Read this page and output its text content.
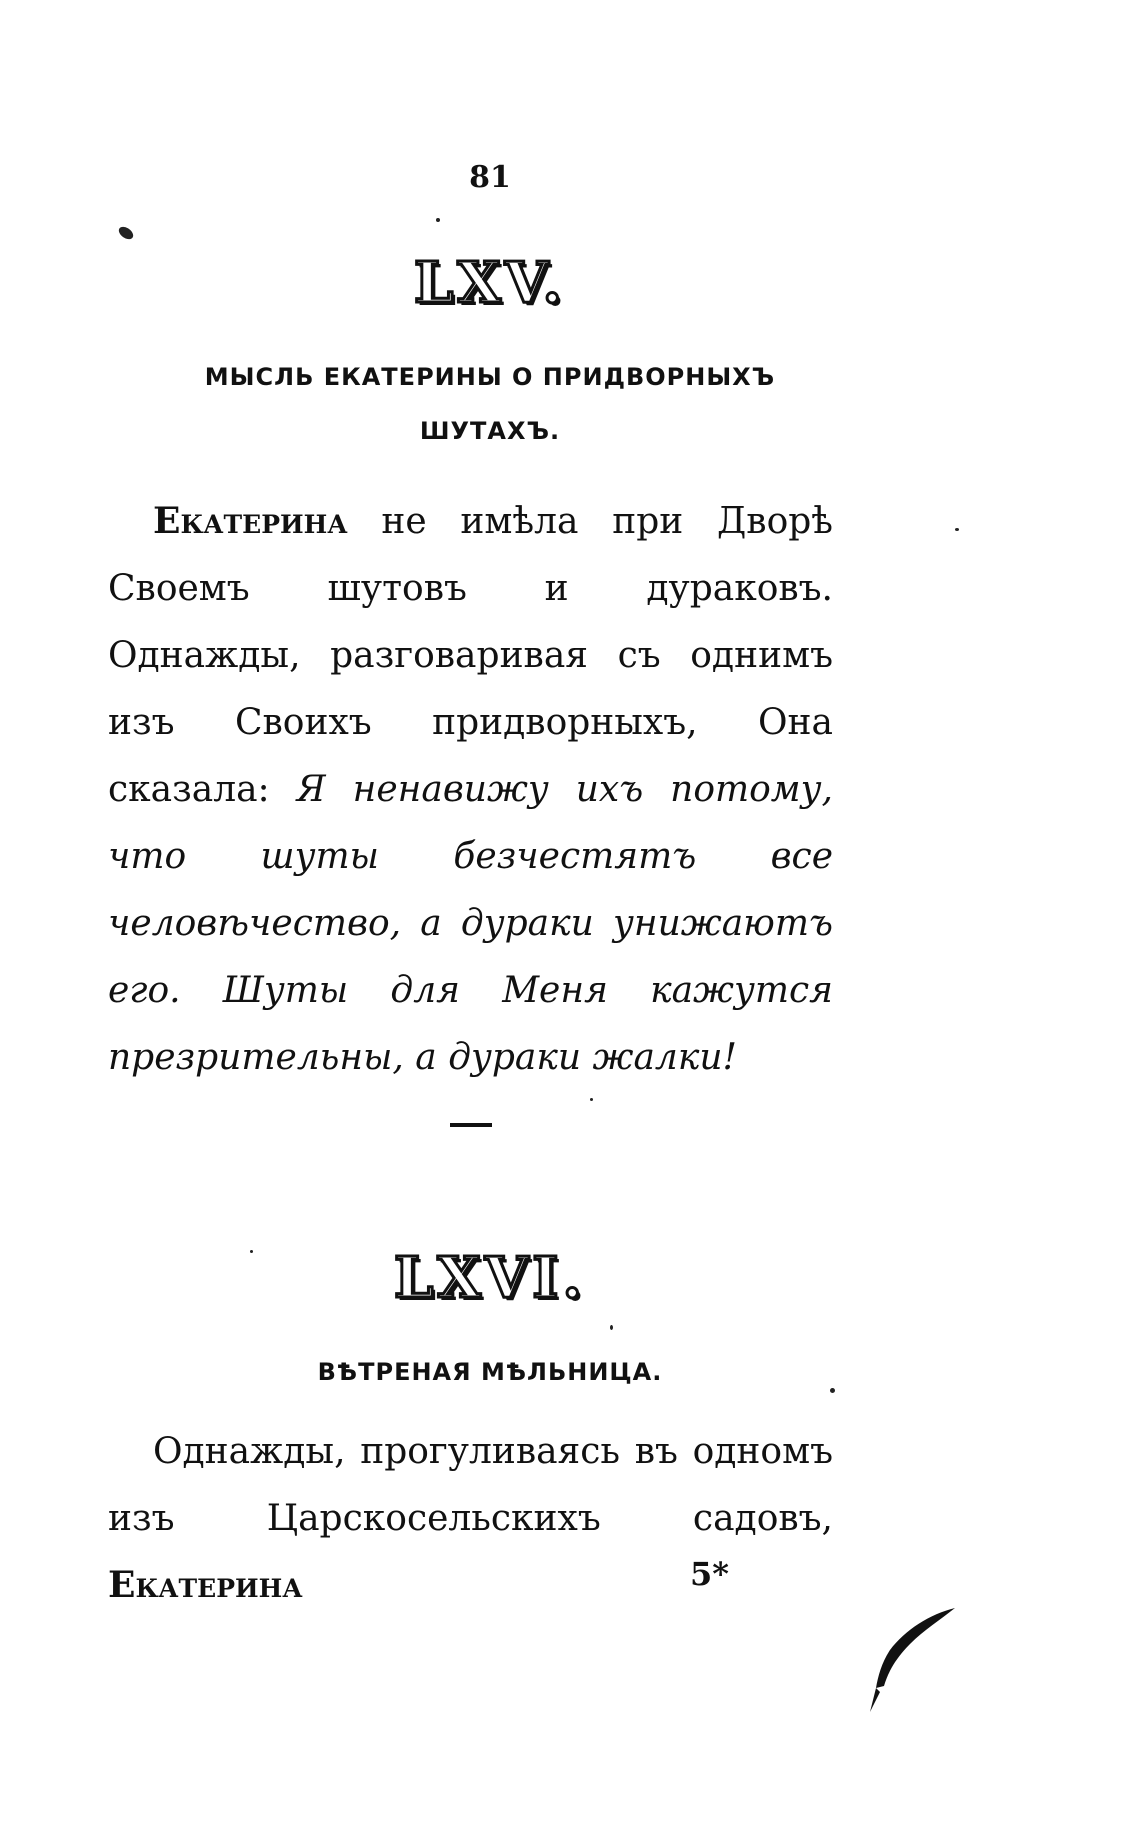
81
LXV.
МЫСЛЬ ЕКАТЕРИНЫ О ПРИДВОРНЫХЪ
ШУТАХЪ.
Екатерина не имѣла при Дворѣ Своемъ шутовъ и дураковъ. Однажды, разговаривая съ однимъ изъ Своихъ придворныхъ, Она сказала: Я ненавижу ихъ потому, что шуты безчестятъ все человѣчество, а дураки унижаютъ его. Шуты для Меня кажутся презрительны, а дураки жалки!
LXVI.
ВѢТРЕНАЯ МѢЛЬНИЦА.
Однажды, прогуливаясь въ одномъ изъ Царскосельскихъ садовъ, Екатерина	5*
